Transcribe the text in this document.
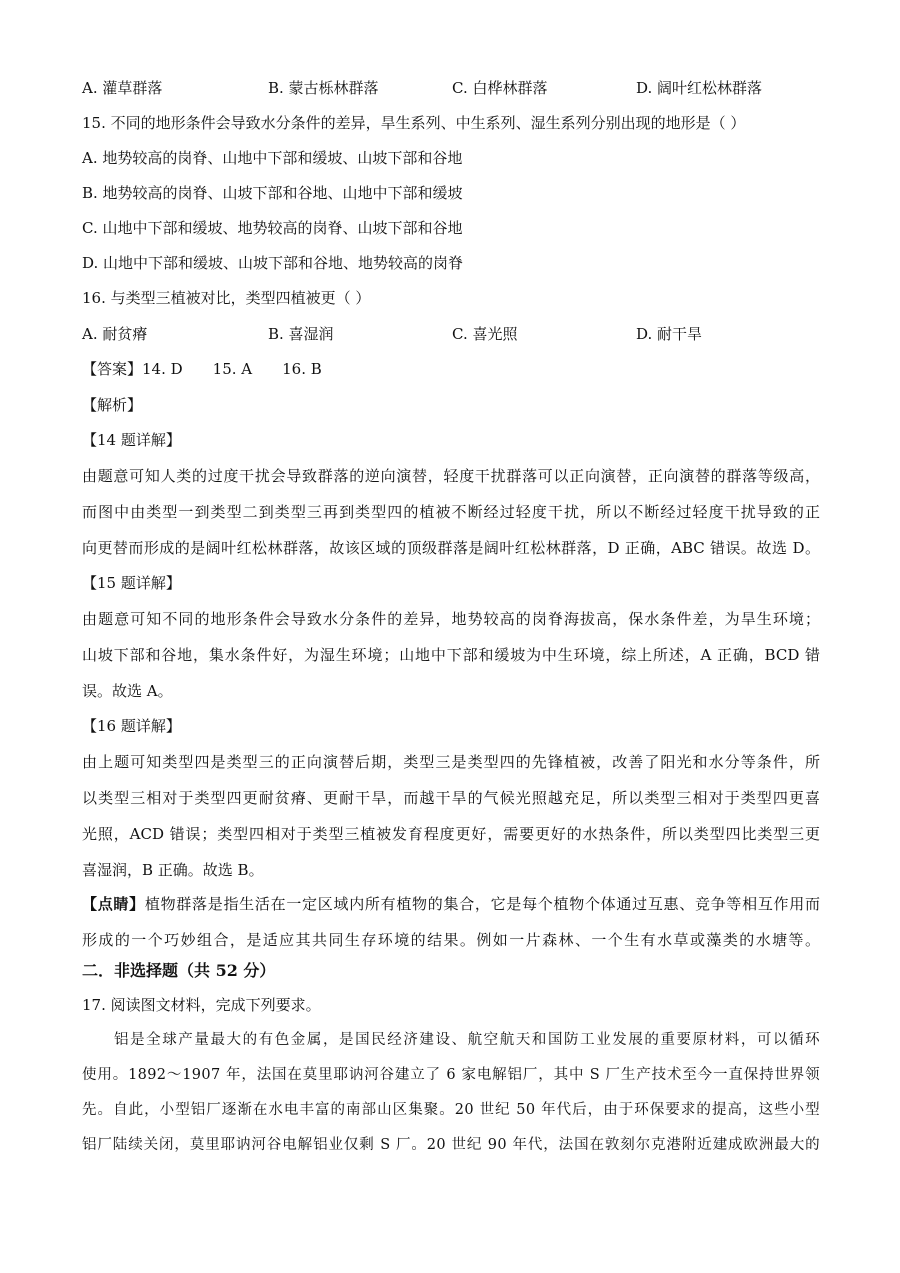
A. 灌草群落	B. 蒙古栎林群落	C. 白桦林群落	D. 阔叶红松林群落
15. 不同的地形条件会导致水分条件的差异，旱生系列、中生系列、湿生系列分别出现的地形是（ ）
A. 地势较高的岗脊、山地中下部和缓坡、山坡下部和谷地
B. 地势较高的岗脊、山坡下部和谷地、山地中下部和缓坡
C. 山地中下部和缓坡、地势较高的岗脊、山坡下部和谷地
D. 山地中下部和缓坡、山坡下部和谷地、地势较高的岗脊
16. 与类型三植被对比，类型四植被更（ ）
A. 耐贫瘠	B. 喜湿润	C. 喜光照	D. 耐干旱
【答案】14. D 15. A 16. B
【解析】
【14 题详解】
由题意可知人类的过度干扰会导致群落的逆向演替，轻度干扰群落可以正向演替，正向演替的群落等级高，
而图中由类型一到类型二到类型三再到类型四的植被不断经过轻度干扰，所以不断经过轻度干扰导致的正
向更替而形成的是阔叶红松林群落，故该区域的顶级群落是阔叶红松林群落，D 正确，ABC 错误。故选 D。
【15 题详解】
由题意可知不同的地形条件会导致水分条件的差异，地势较高的岗脊海拔高，保水条件差，为旱生环境；
山坡下部和谷地，集水条件好，为湿生环境；山地中下部和缓坡为中生环境，综上所述，A 正确，BCD 错
误。故选 A。
【16 题详解】
由上题可知类型四是类型三的正向演替后期，类型三是类型四的先锋植被，改善了阳光和水分等条件，所
以类型三相对于类型四更耐贫瘠、更耐干旱，而越干旱的气候光照越充足，所以类型三相对于类型四更喜
光照，ACD 错误；类型四相对于类型三植被发育程度更好，需要更好的水热条件，所以类型四比类型三更
喜湿润，B 正确。故选 B。
【点睛】植物群落是指生活在一定区域内所有植物的集合，它是每个植物个体通过互惠、竞争等相互作用而
形成的一个巧妙组合，是适应其共同生存环境的结果。例如一片森林、一个生有水草或藻类的水塘等。
二．非选择题（共 52 分）
17. 阅读图文材料，完成下列要求。
铝是全球产量最大的有色金属，是国民经济建设、航空航天和国防工业发展的重要原材料，可以循环
使用。1892～1907 年，法国在莫里耶讷河谷建立了 6 家电解铝厂，其中 S 厂生产技术至今一直保持世界领
先。自此，小型铝厂逐渐在水电丰富的南部山区集聚。20 世纪 50 年代后，由于环保要求的提高，这些小型
铝厂陆续关闭，莫里耶讷河谷电解铝业仅剩 S 厂。20 世纪 90 年代，法国在敦刻尔克港附近建成欧洲最大的
